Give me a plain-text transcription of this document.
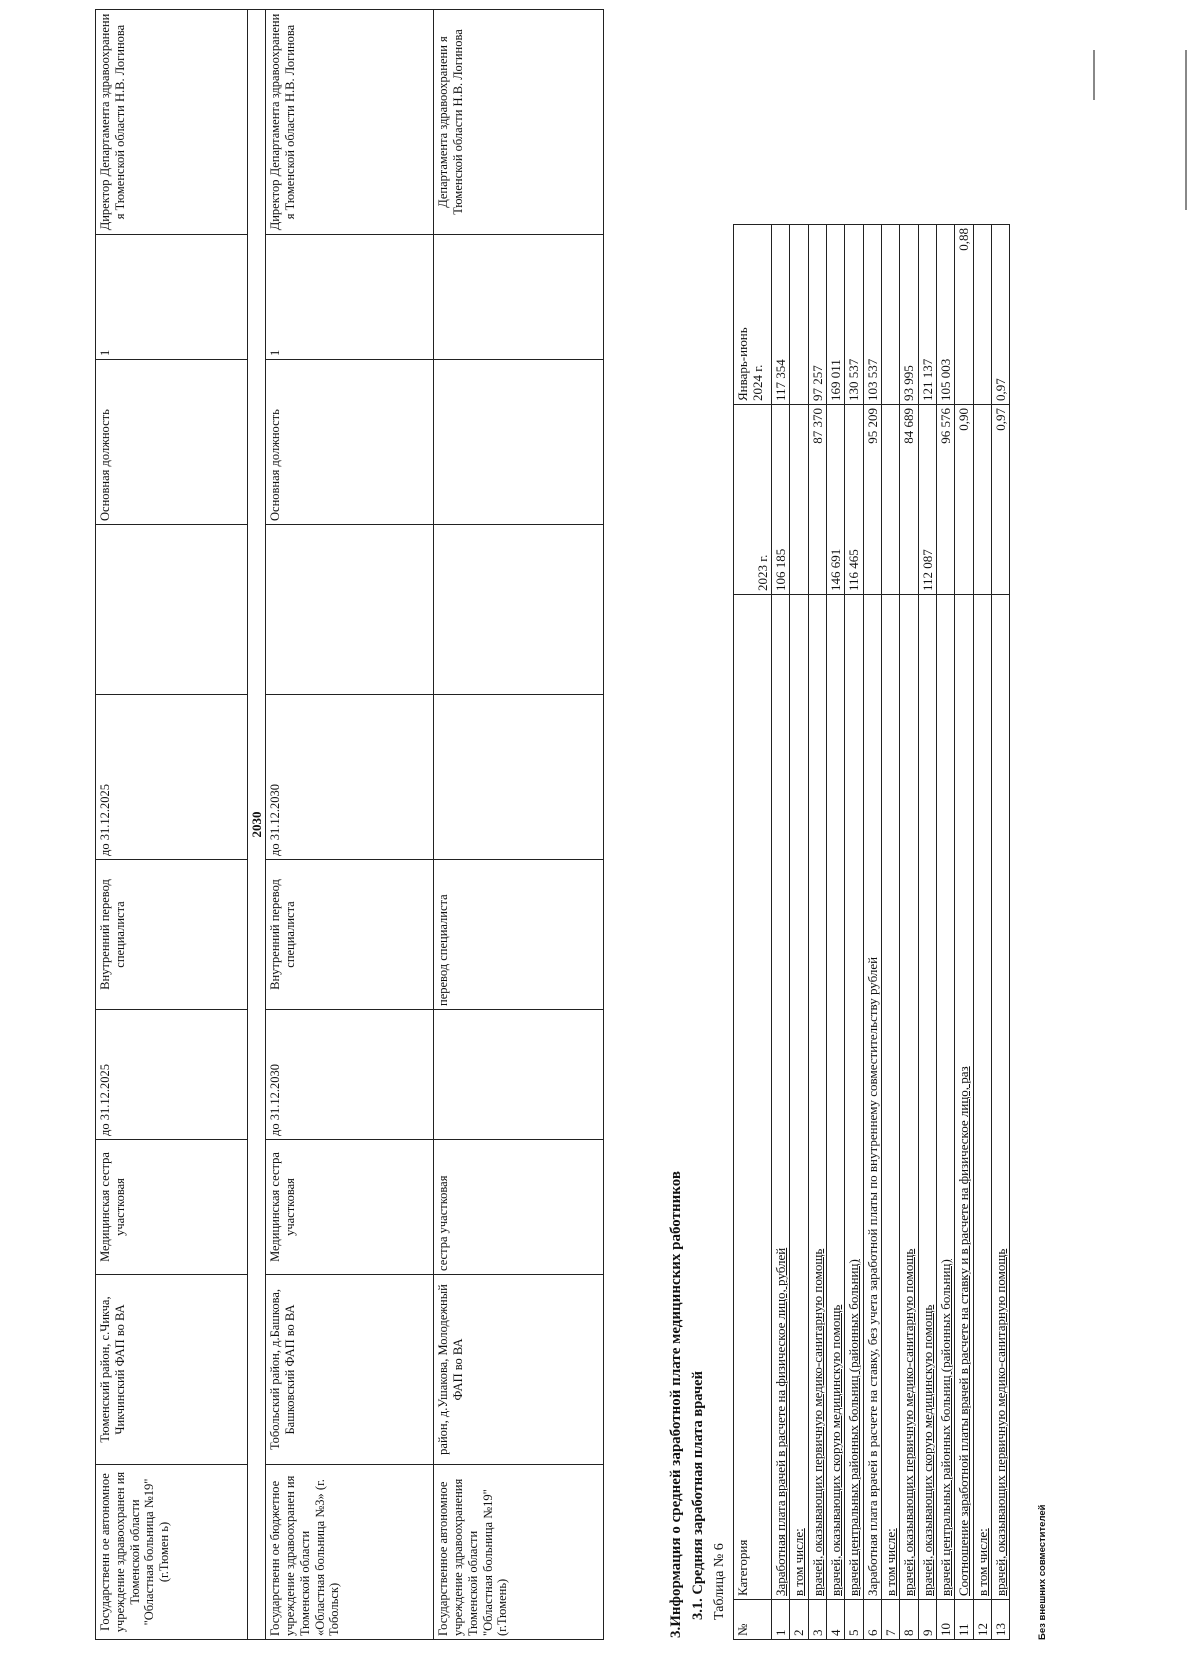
Государственн ое автономное учреждение здравоохранен ия Тюменской области "Областная больница №19"(г.Тюмен ь)	Тюменский район, с.Чикча, Чикчинский ФАП во ВА	Медицинская сестра участковая	до 31.12.2025	Внутренний перевод специалиста	до 31.12.2025		Основная должность	1	Директор Департамента здравоохранени я Тюменской области Н.В. Логинова
2030									
Государственн ое бюджетное учреждение здравоохранен ия Тюменской области «Областная больница №3» (г. Тобольск)	Тобольский район, д.Башкова, Башковский ФАП во ВА	Медицинская сестра участковая	до 31.12.2030	Внутренний перевод специалиста	до 31.12.2030		Основная должность	1	Директор Департамента здравоохранени я Тюменской области Н.В. Логинова
Государственное автономное учреждение здравоохранения Тюменской области "Областная больница №19"(г.Тюмень)	район, д.Ушакова, Молодежный ФАП во ВА	сестра участковая		перевод специалиста					Департамента здравоохранени я Тюменской области Н.В. Логинова
3.Информация о средней заработной плате медицинских работников 3.1. Средняя заработная плата врачей Таблица № 6
№	Категория	2023 г.	Январь-июнь 2024 г.

1	Заработная плата врачей в расчете на физическое лицо, рублей	106 185	117 354
2	в том числе:		
3	врачей, оказывающих первичную медико-санитарную помощь	87 370	97 257
4	врачей, оказывающих скорую медицинскую помощь	146 691	169 011
5	врачей центральных районных больниц (районных больниц)	116 465	130 537
6	Заработная плата врачей в расчете на ставку, без учета заработной платы по внутреннему совместительству рублей	95 209	103 537
7	в том числе:		
8	врачей, оказывающих первичную медико-санитарную помощь	84 689	93 995
9	врачей, оказывающих скорую медицинскую помощь	112 087	121 137
10	врачей центральных районных больниц (районных больниц)	96 576	105 003
11	Соотношение заработной платы врачей в расчете на ставку и в расчете на физическое лицо, раз	0,90	0,88
12	в том числе:		
13	врачей, оказывающих первичную медико-санитарную помощь	0,97	0,97
Без внешних совместителей
